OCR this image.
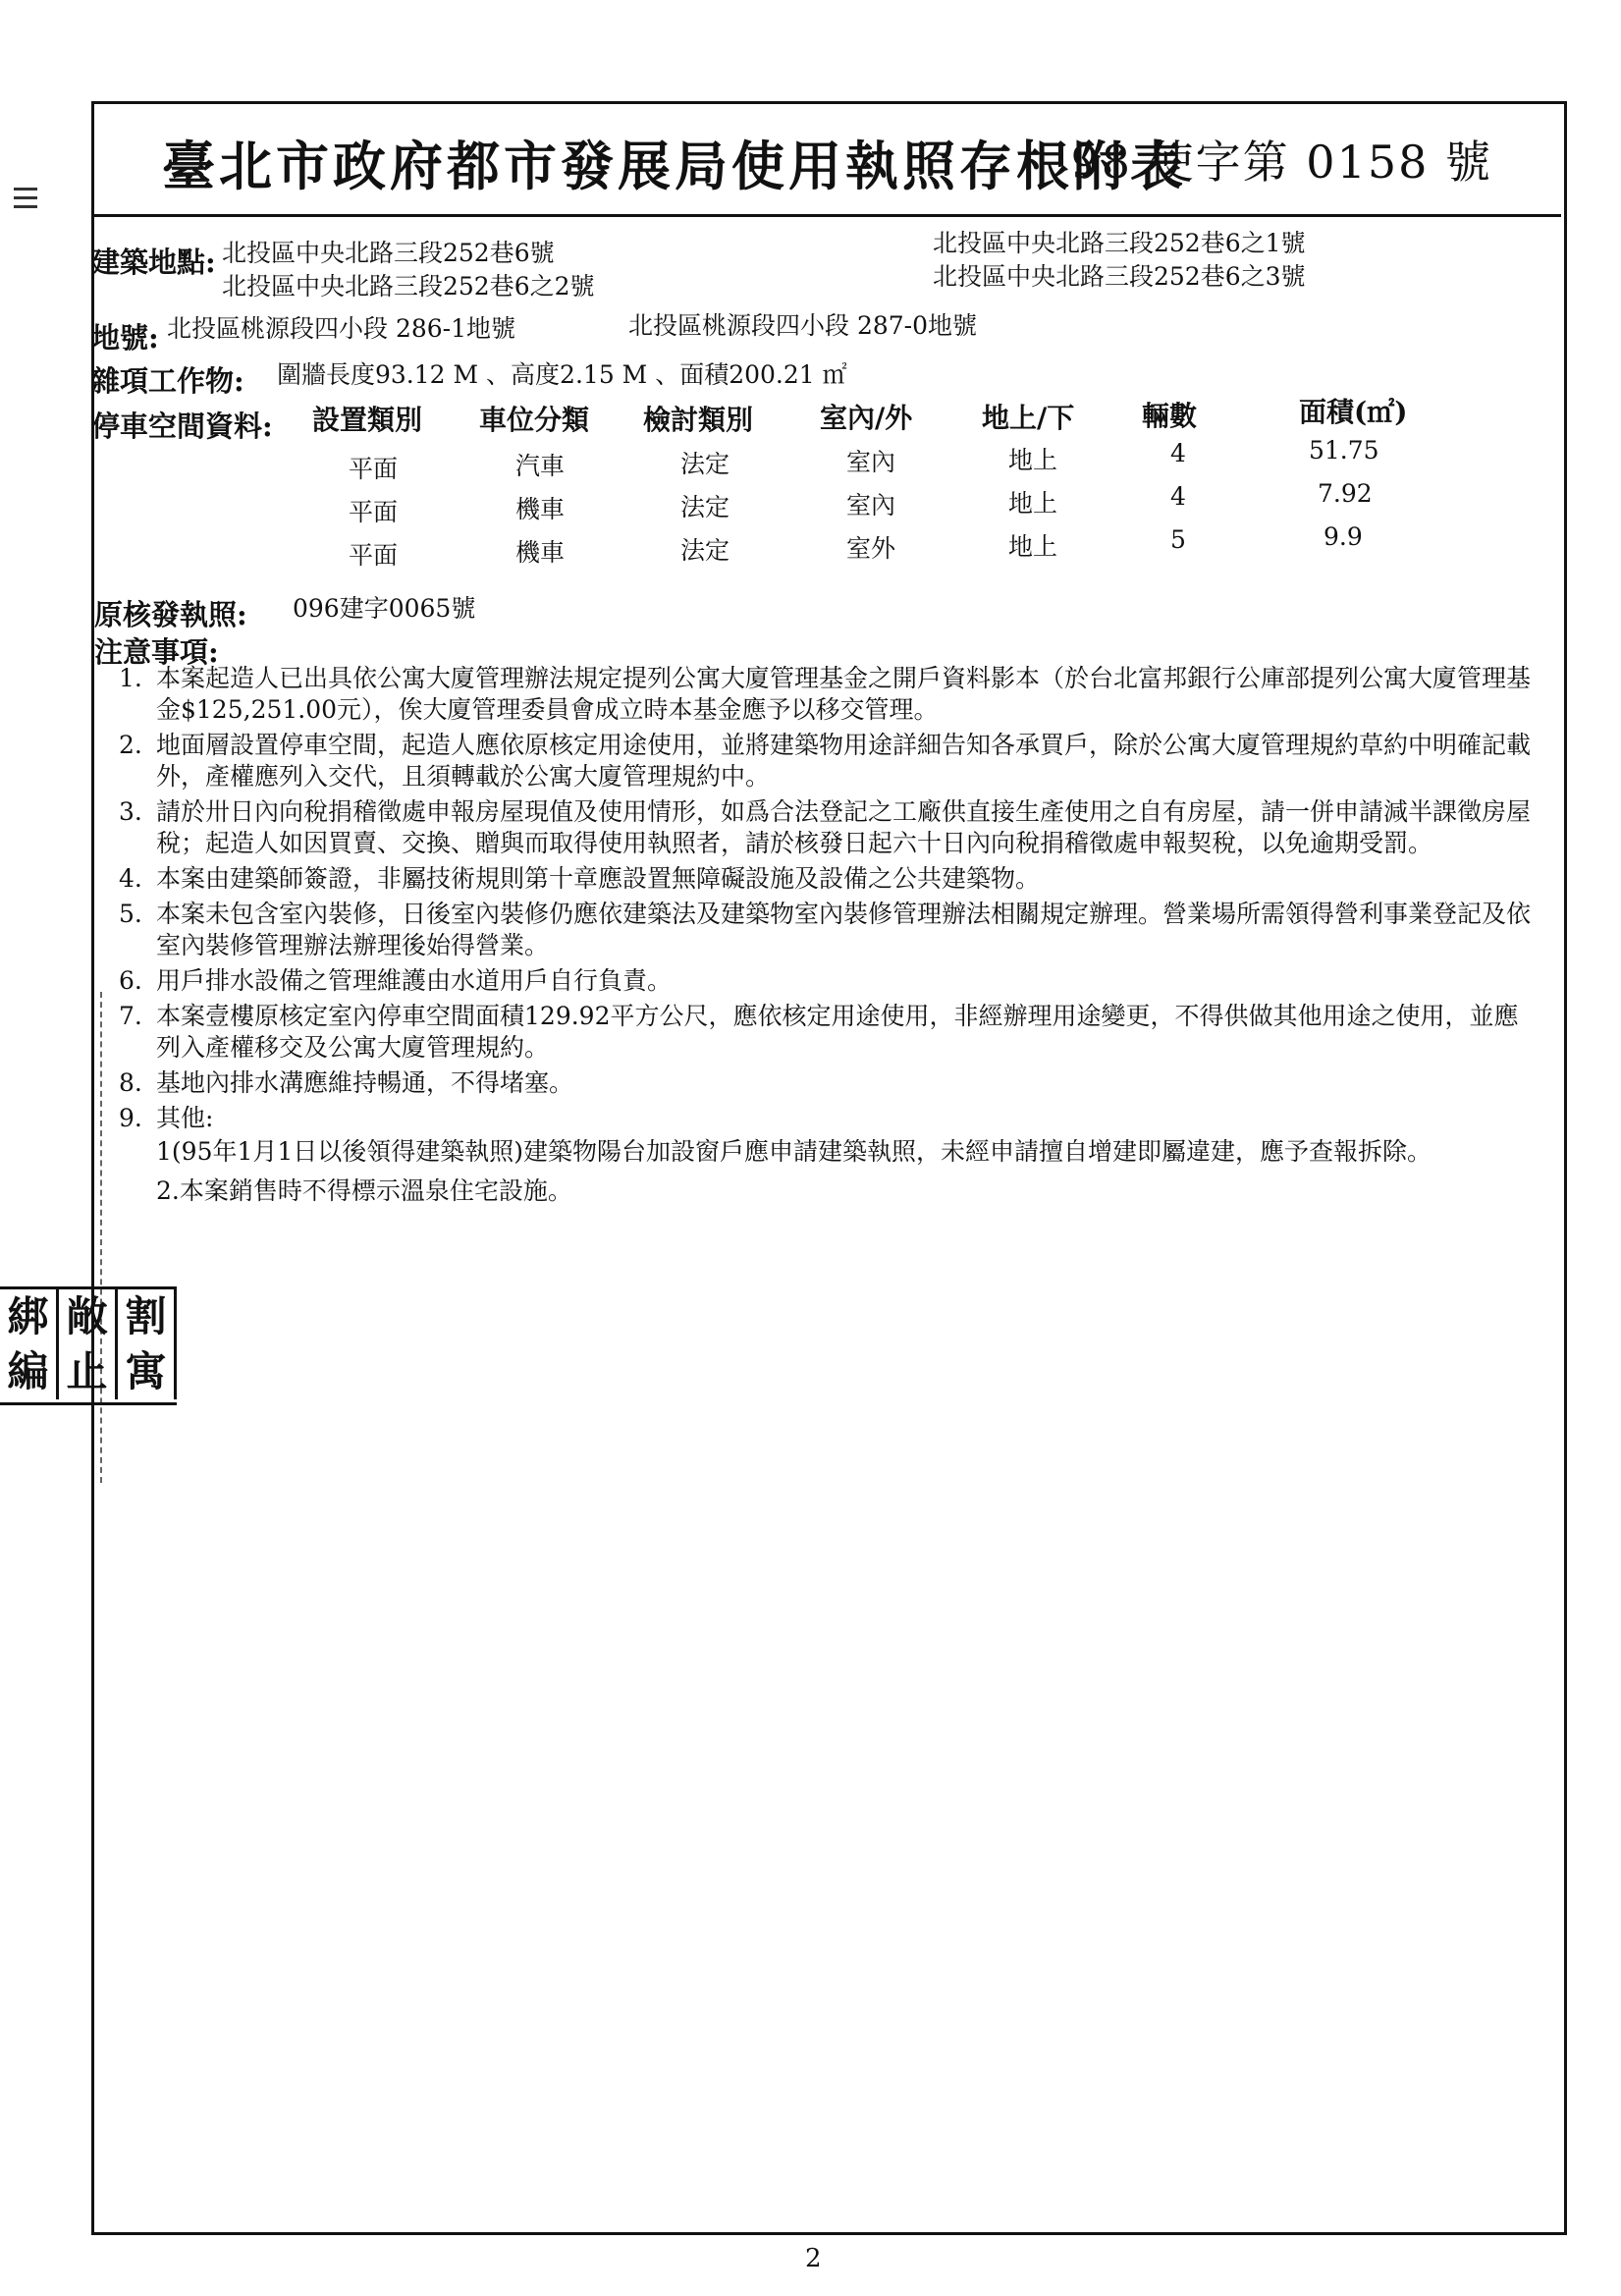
臺北市政府都市發展局使用執照存根附表
98 使字第 0158 號
建築地點: 北投區中央北路三段252巷6號	北投區中央北路三段252巷6之1號
北投區中央北路三段252巷6之2號	北投區中央北路三段252巷6之3號
地號: 北投區桃源段四小段 286-1地號	北投區桃源段四小段 287-0地號
雜項工作物: 圍牆長度93.12 M 、高度2.15 M 、面積200.21 ㎡
停車空間資料: 設置類別 車位分類 檢討類別 室內/外	地上/下 輛數	面積(㎡)
平面	汽車	法定	室內	地上	4	51.75
平面	機車	法定	室內	地上	4	7.92
平面	機車	法定	室外	地上	5	9.9
原核發執照: 096建字0065號
注意事項:
1. 本案起造人已出具依公寓大廈管理辦法規定提列公寓大廈管理基金之開戶資料影本（於台北富邦銀行公庫部提列公寓大廈管理基金$125,251.00元），俟大廈管理委員會成立時本基金應予以移交管理。
2. 地面層設置停車空間，起造人應依原核定用途使用，並將建築物用途詳細告知各承買戶，除於公寓大廈管理規約草約中明確記載外，產權應列入交代，且須轉載於公寓大廈管理規約中。
3. 請於卅日內向稅捐稽徵處申報房屋現值及使用情形，如爲合法登記之工廠供直接生產使用之自有房屋，請一併申請減半課徵房屋稅；起造人如因買賣、交換、贈與而取得使用執照者，請於核發日起六十日內向稅捐稽徵處申報契稅，以免逾期受罰。
4. 本案由建築師簽證，非屬技術規則第十章應設置無障礙設施及設備之公共建築物。
5. 本案未包含室內裝修，日後室內裝修仍應依建築法及建築物室內裝修管理辦法相關規定辦理。營業場所需領得營利事業登記及依室內裝修管理辦法辦理後始得營業。
6. 用戶排水設備之管理維護由水道用戶自行負責。
7. 本案壹樓原核定室內停車空間面積129.92平方公尺，應依核定用途使用，非經辦理用途變更，不得供做其他用途之使用，並應列入產權移交及公寓大廈管理規約。
8. 基地內排水溝應維持暢通，不得堵塞。
9. 其他:
1(95年1月1日以後領得建築執照)建築物陽台加設窗戶應申請建築執照，未經申請擅自增建即屬違建，應予查報拆除。
2.本案銷售時不得標示溫泉住宅設施。
綁 敞 割
編 止 寓
2
